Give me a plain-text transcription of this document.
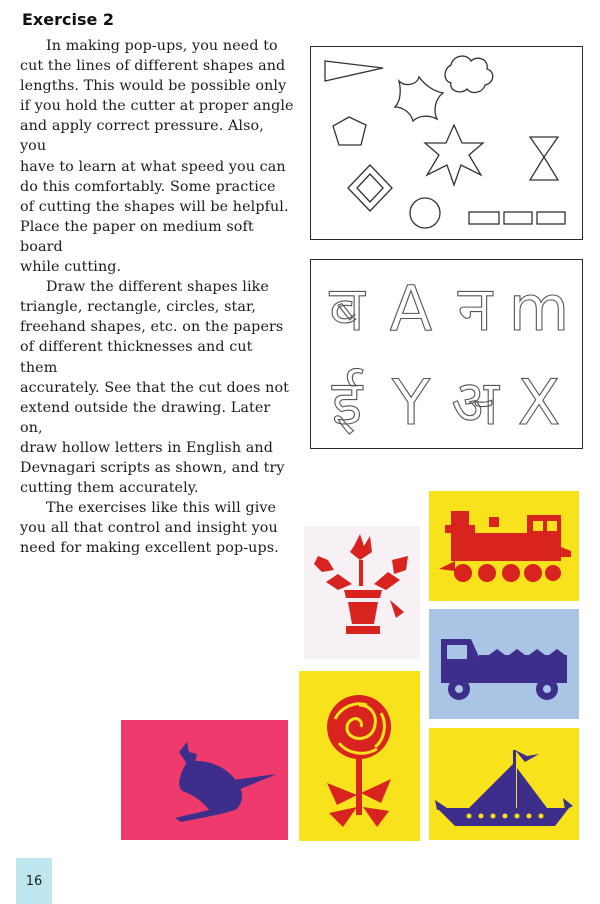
Exercise 2

In making pop-ups, you need to
cut the lines of different shapes and
lengths. This would be possible only
if you hold the cutter at proper angle
and apply correct pressure. Also, you
have to learn at what speed you can
do this comfortably. Some practice
of cutting the shapes will be helpful.
Place the paper on medium soft board
while cutting.

Draw the different shapes like
triangle, rectangle, circles, star,
freehand shapes, etc. on the papers
of different thicknesses and cut them
accurately. See that the cut does not
extend outside the drawing. Later on,
draw hollow letters in English and
Devnagari scripts as shown, and try
cutting them accurately.

The exercises like this will give
you all that control and insight you
need for making excellent pop-ups.

ब A न m
ई Y अ X
16
